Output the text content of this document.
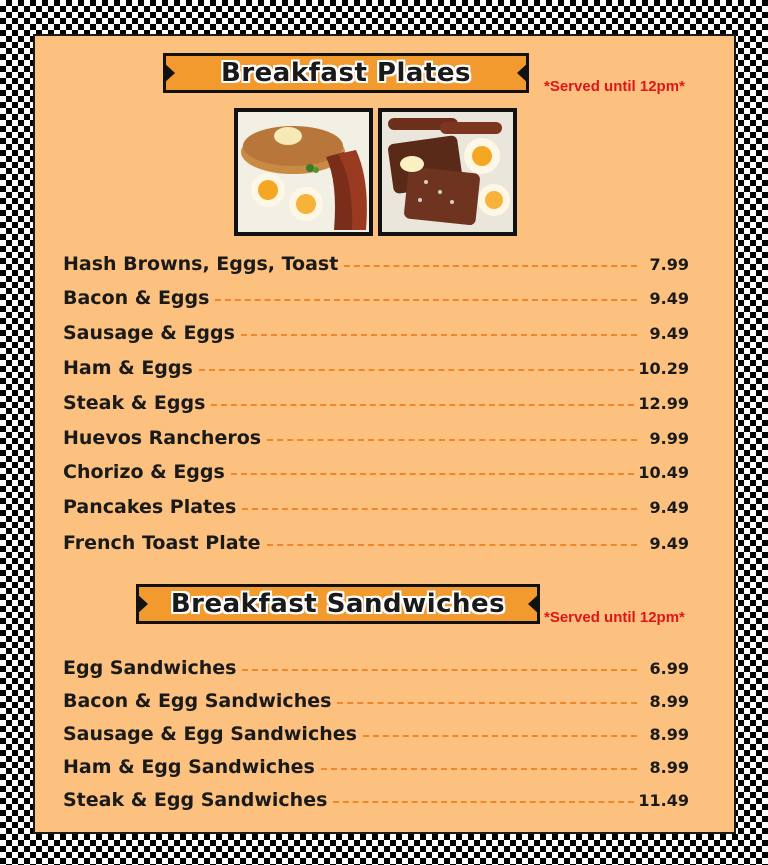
Breakfast Plates	*Served until 12pm*
Hash Browns, Eggs, Toast	7.99
Bacon & Eggs	9.49
Sausage & Eggs	9.49
Ham & Eggs	10.29
Steak & Eggs	12.99
Huevos Rancheros	9.99
Chorizo & Eggs	10.49
Pancakes Plates	9.49
French Toast Plate	9.49
Breakfast Sandwiches	*Served until 12pm*
Egg Sandwiches	6.99
Bacon & Egg Sandwiches	8.99
Sausage & Egg Sandwiches	8.99
Ham & Egg Sandwiches	8.99
Steak & Egg Sandwiches	11.49
